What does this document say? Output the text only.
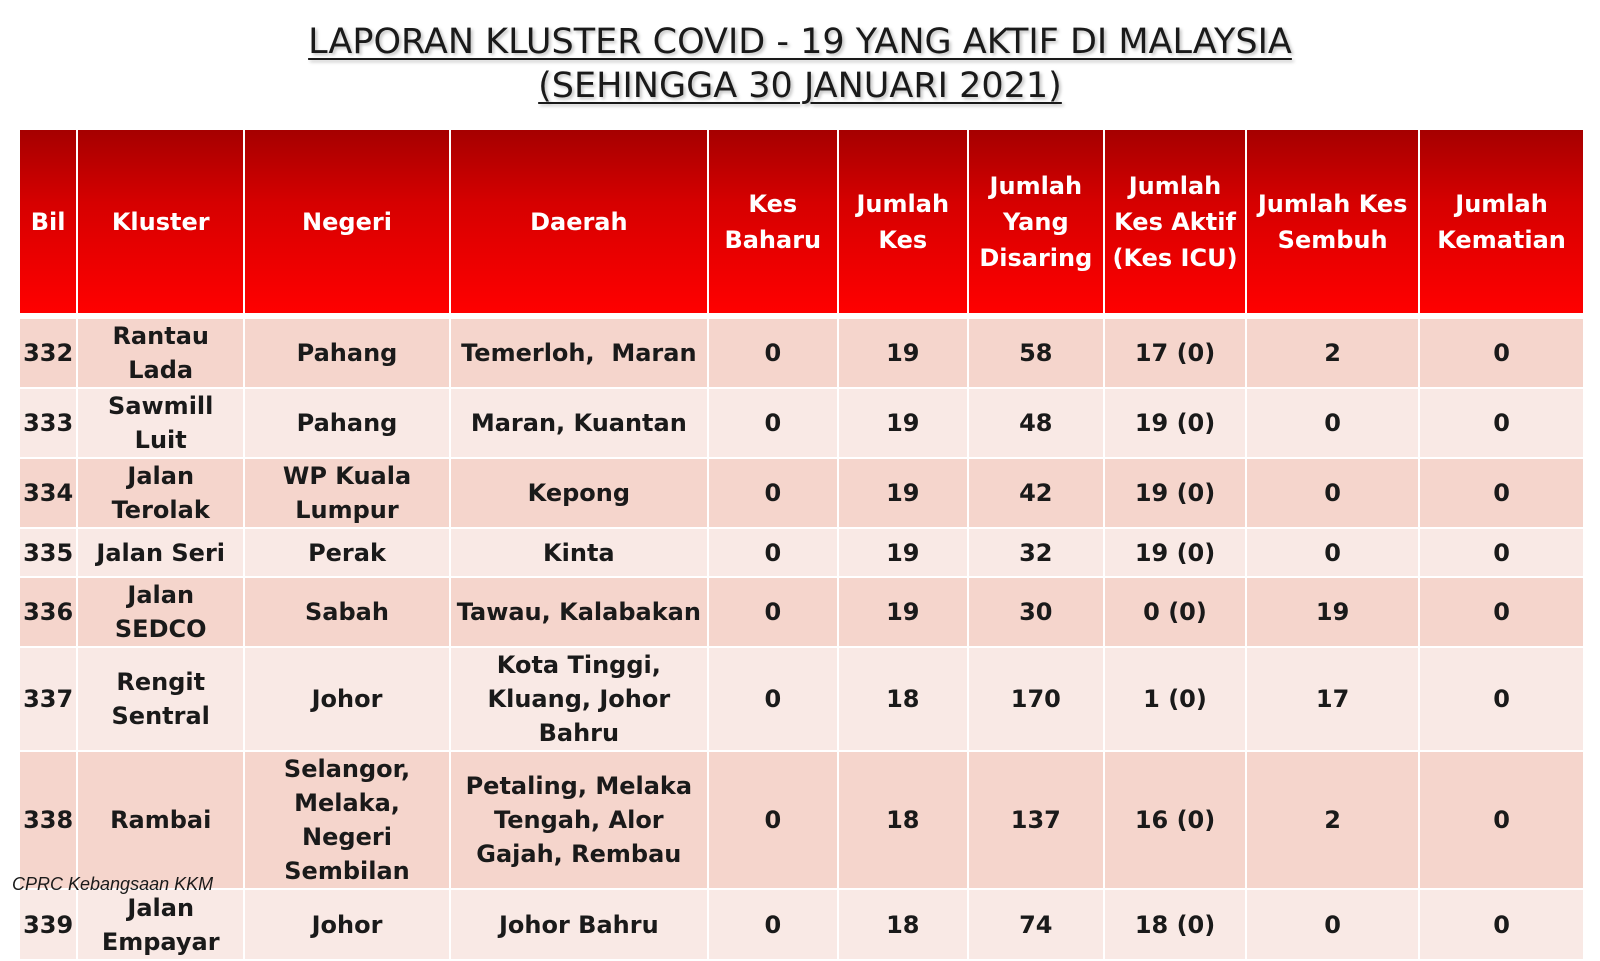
LAPORAN KLUSTER COVID - 19 YANG AKTIF DI MALAYSIA
(SEHINGGA 30 JANUARI 2021)
Bil	Kluster	Negeri	Daerah	Kes Baharu	Jumlah Kes	Jumlah Yang Disaring	Jumlah Kes Aktif (Kes ICU)	Jumlah Kes Sembuh	Jumlah Kematian
332	Rantau Lada	Pahang	Temerloh,  Maran	0	19	58	17 (0)	2	0
333	Sawmill Luit	Pahang	Maran, Kuantan	0	19	48	19 (0)	0	0
334	Jalan Terolak	WP Kuala Lumpur	Kepong	0	19	42	19 (0)	0	0
335	Jalan Seri	Perak	Kinta	0	19	32	19 (0)	0	0
336	Jalan SEDCO	Sabah	Tawau, Kalabakan	0	19	30	0 (0)	19	0
337	Rengit Sentral	Johor	Kota Tinggi, Kluang, Johor Bahru	0	18	170	1 (0)	17	0
338	Rambai	Selangor, Melaka, Negeri Sembilan	Petaling, Melaka Tengah, Alor Gajah, Rembau	0	18	137	16 (0)	2	0
339	Jalan Empayar	Johor	Johor Bahru	0	18	74	18 (0)	0	0
CPRC Kebangsaan KKM
